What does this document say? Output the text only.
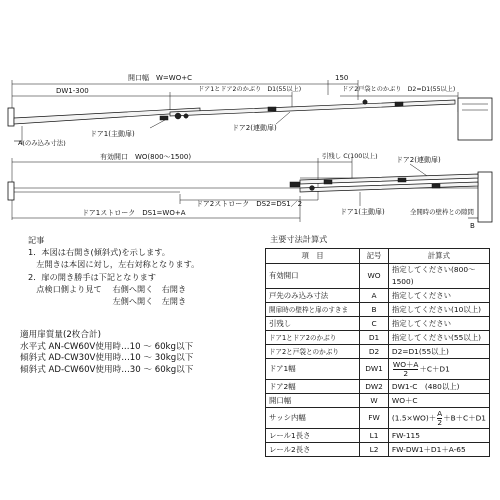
開口幅　W=WO+C
DW1-300
150
ドア1とドア2のかぶり　D1(55以上)	ドア2戸袋とのかぶり　D2=D1(55以上)
A(のみ込み寸法)
ドア1(主動扉)
ドア2(連動扉)
有効開口　WO(800～1500)	引残し C(100以上)	ドア2(連動扉)
ドア2ストローク　DS2=DS1／2
ドア1ストローク　DS1=WO+A	ドア1(主動扉)	全開時の壁枠との隙間
B
記事
1．本図は右開き(傾斜式)を示します。
　左開きは本図に対し，左右対称となります。
2．扉の開き勝手は下記となります
　点検口側より見て　 右側へ開く　右開き
　　　　　　　　　　 左側へ開く　左開き
適用扉質量(2枚合計)
水平式 AN-CW60V使用時…10 ～ 60kg以下
傾斜式 AD-CW30V使用時…10 ～ 30kg以下
傾斜式 AD-CW60V使用時…30 ～ 60kg以下
主要寸法計算式
項　目	記号	計算式
有効開口	WO	指定してください(800～1500)
戸先のみ込み寸法	A	指定してください
開扉時の壁枠と扉のすきま	B	指定してください(10以上)
引残し	C	指定してください
ドア1とドア2のかぶり	D1	指定してください(55以上)
ドア2と戸袋とのかぶり	D2	D2=D1(55以上)
ドア1幅	DW1	$\frac{WO+A}{2} +C+D1$
ドア2幅	DW2	DW1-C　(480以上)
開口幅	W	WO＋C
サッシ内幅	FW	$(1.5\times WO)+ \frac{A}{2} +B+C+D1$
レール1長さ	L1	FW-115
レール2長さ	L2	FW-DW1＋D1＋A-65
